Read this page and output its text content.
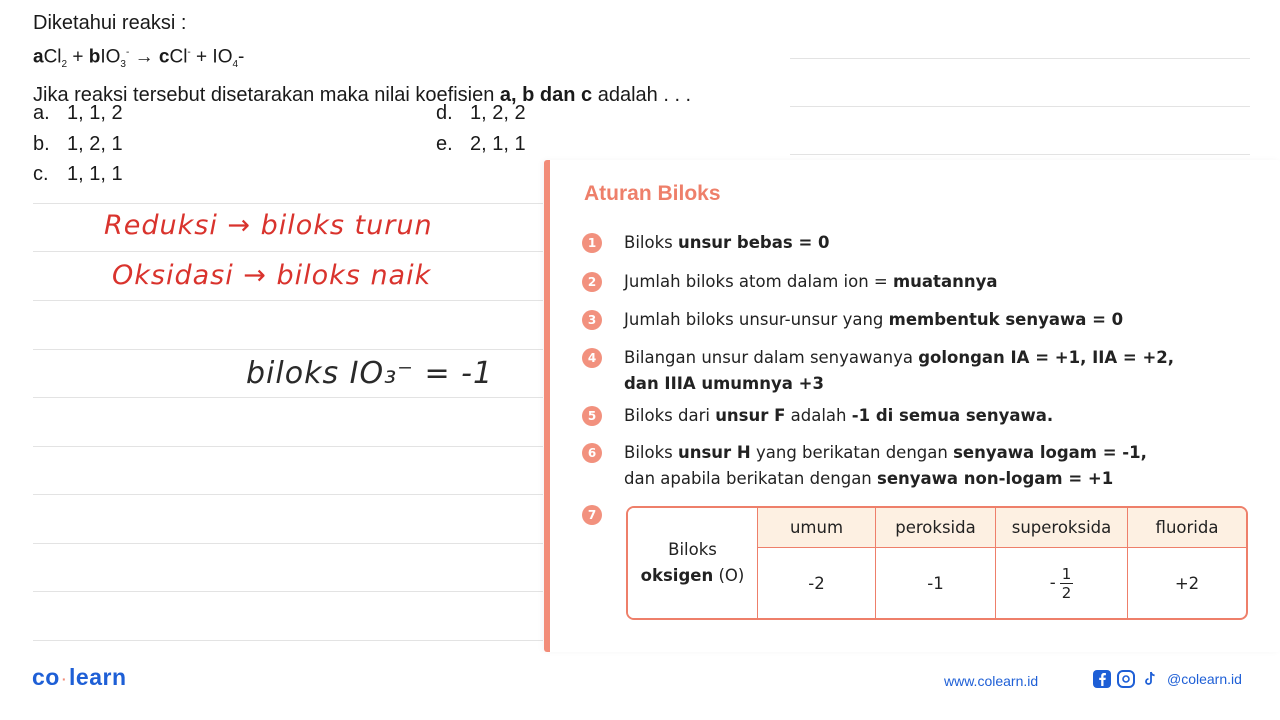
Diketahui reaksi :
$aCl_2 + bIO_3^- \to cCl^- + IO_4-$
Jika reaksi tersebut disetarakan maka nilai koefisien a, b dan c adalah . . .
a. 1, 1, 2
b. 1, 2, 1
c. 1, 1, 1
d. 1, 2, 2
e. 2, 1, 1
Reduksi → biloks turun
Oksidasi → biloks naik
biloks IO₃⁻ = -1
Aturan Biloks
1	Biloks unsur bebas = 0
2	Jumlah biloks atom dalam ion = muatannya
3	Jumlah biloks unsur-unsur yang membentuk senyawa = 0
4	Bilangan unsur dalam senyawanya golongan IA = +1, IIA = +2,
dan IIIA umumnya +3
5	Biloks dari unsur F adalah -1 di semua senyawa.
6	Biloks unsur H yang berikatan dengan senyawa logam = -1,
dan apabila berikatan dengan senyawa non-logam = +1
7
Biloks
oksigen (O)	umum	peroksida	superoksida	fluorida
	-2	-1	- $\frac{1}{2}$	+2
co ·learn	www.colearn.id	@colearn.id
